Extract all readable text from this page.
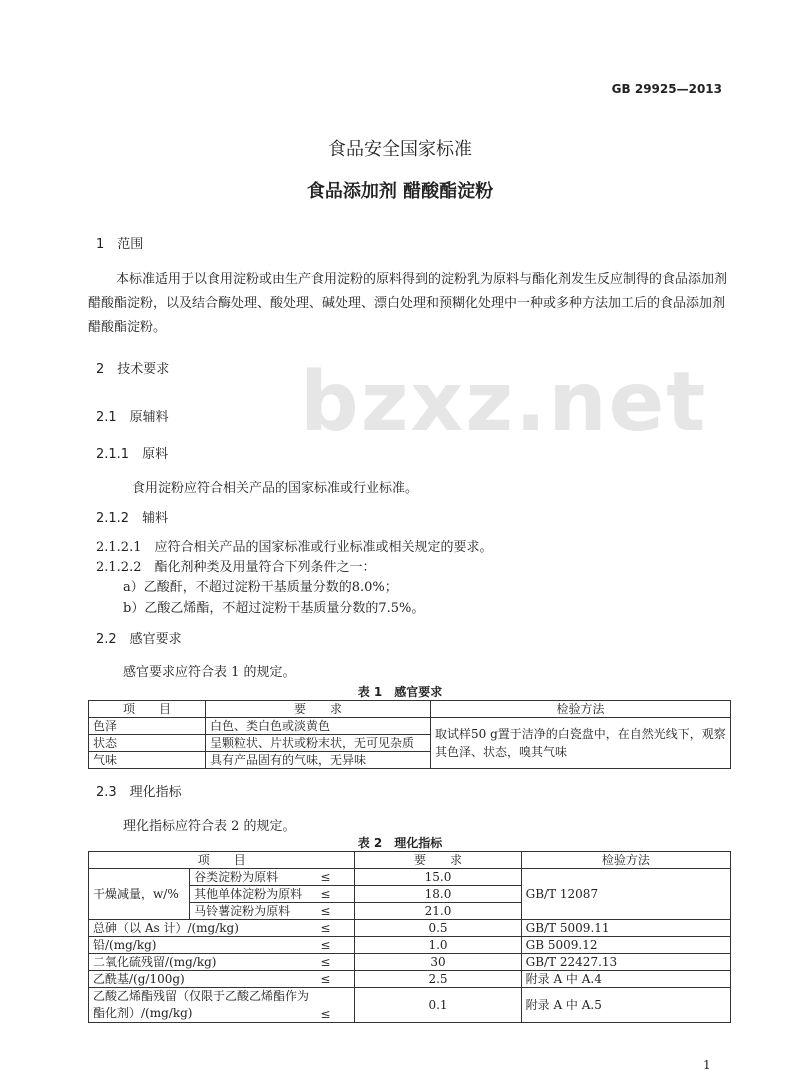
bzxz.net
GB 29925—2013
食品安全国家标准
食品添加剂 醋酸酯淀粉
1　范围
本标准适用于以食用淀粉或由生产食用淀粉的原料得到的淀粉乳为原料与酯化剂发生反应制得的食品添加剂醋酸酯淀粉，以及结合酶处理、酸处理、碱处理、漂白处理和预糊化处理中一种或多种方法加工后的食品添加剂醋酸酯淀粉。
2　技术要求
2.1　原辅料
2.1.1　原料
食用淀粉应符合相关产品的国家标准或行业标准。
2.1.2　辅料
2.1.2.1　应符合相关产品的国家标准或行业标准或相关规定的要求。
2.1.2.2　酯化剂种类及用量符合下列条件之一：
a）乙酸酐，不超过淀粉干基质量分数的8.0%；
b）乙酸乙烯酯，不超过淀粉干基质量分数的7.5%。
2.2　感官要求
感官要求应符合表 1 的规定。
表 1　感官要求
项　　目	要　　求	检验方法
色泽	白色、类白色或淡黄色	取试样50 g置于洁净的白瓷盘中，在自然光线下，观察其色泽、状态，嗅其气味
状态	呈颗粒状、片状或粉末状，无可见杂质	
气味	具有产品固有的气味，无异味	
2.3　理化指标
理化指标应符合表 2 的规定。
表 2　理化指标
项　　目			要　　求	检验方法
干燥减量，w/%	谷类淀粉为原料	≤	15.0	GB/T 12087
	其他单体淀粉为原料	≤	18.0	
	马铃薯淀粉为原料	≤	21.0	
总砷（以 As 计）/(mg/kg)		≤	0.5	GB/T 5009.11
铅/(mg/kg)		≤	1.0	GB 5009.12
二氧化硫残留/(mg/kg)		≤	30	GB/T 22427.13
乙酰基/(g/100g)		≤	2.5	附录 A 中 A.4
乙酸乙烯酯残留（仅限于乙酸乙烯酯作为酯化剂）/(mg/kg)		≤	0.1	附录 A 中 A.5
1
